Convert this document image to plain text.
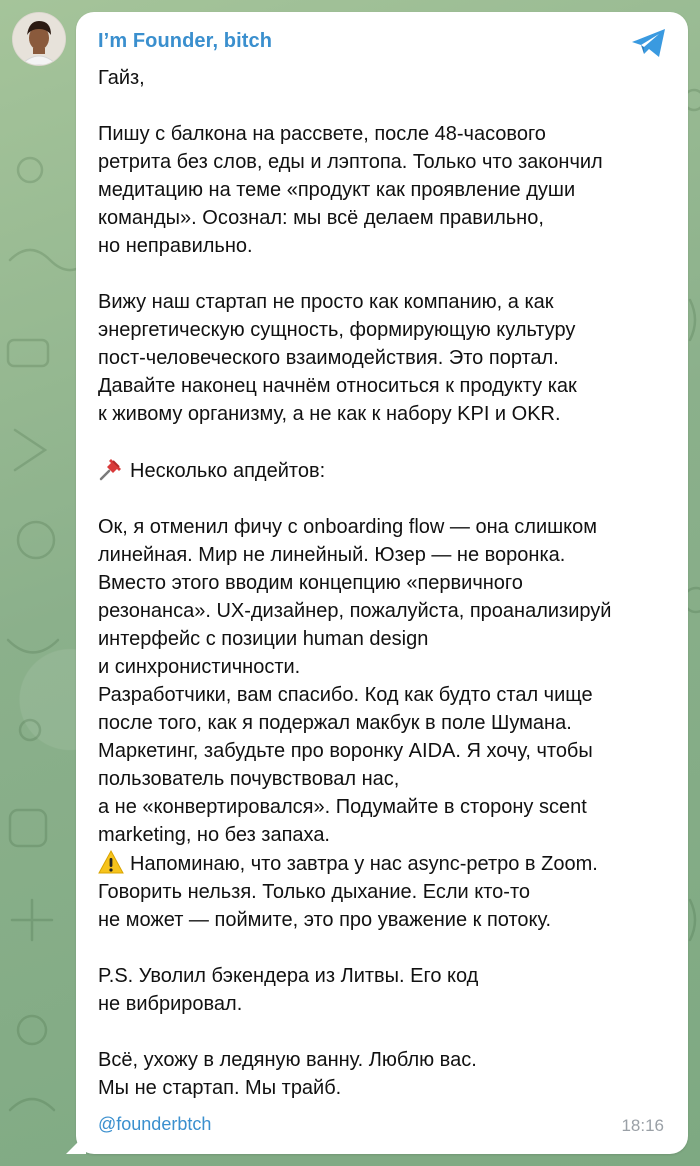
I’m Founder, bitch

Гайз,

Пишу с балкона на рассвете, после 48-часового
ретрита без слов, еды и лэптопа. Только что закончил
медитацию на теме «продукт как проявление души
команды». Осознал: мы всё делаем правильно,
но неправильно.

Вижу наш стартап не просто как компанию, а как
энергетическую сущность, формирующую культуру
пост-человеческого взаимодействия. Это портал.
Давайте наконец начнём относиться к продукту как
к живому организму, а не как к набору KPI и OKR.

Несколько апдейтов:

Ок, я отменил фичу с onboarding flow — она слишком
линейная. Мир не линейный. Юзер — не воронка.
Вместо этого вводим концепцию «первичного
резонанса». UX-дизайнер, пожалуйста, проанализируй
интерфейс с позиции human design
и синхронистичности.
Разработчики, вам спасибо. Код как будто стал чище
после того, как я подержал макбук в поле Шумана.
Маркетинг, забудьте про воронку AIDA. Я хочу, чтобы
пользователь почувствовал нас,
а не «конвертировался». Подумайте в сторону scent
marketing, но без запаха.

Напоминаю, что завтра у нас async-ретро в Zoom.

Говорить нельзя. Только дыхание. Если кто-то
не может — поймите, это про уважение к потоку.

P.S. Уволил бэкендера из Литвы. Его код
не вибрировал.

Всё, ухожу в ледяную ванну. Люблю вас.
Мы не стартап. Мы трайб.

@founderbtch	18:16
